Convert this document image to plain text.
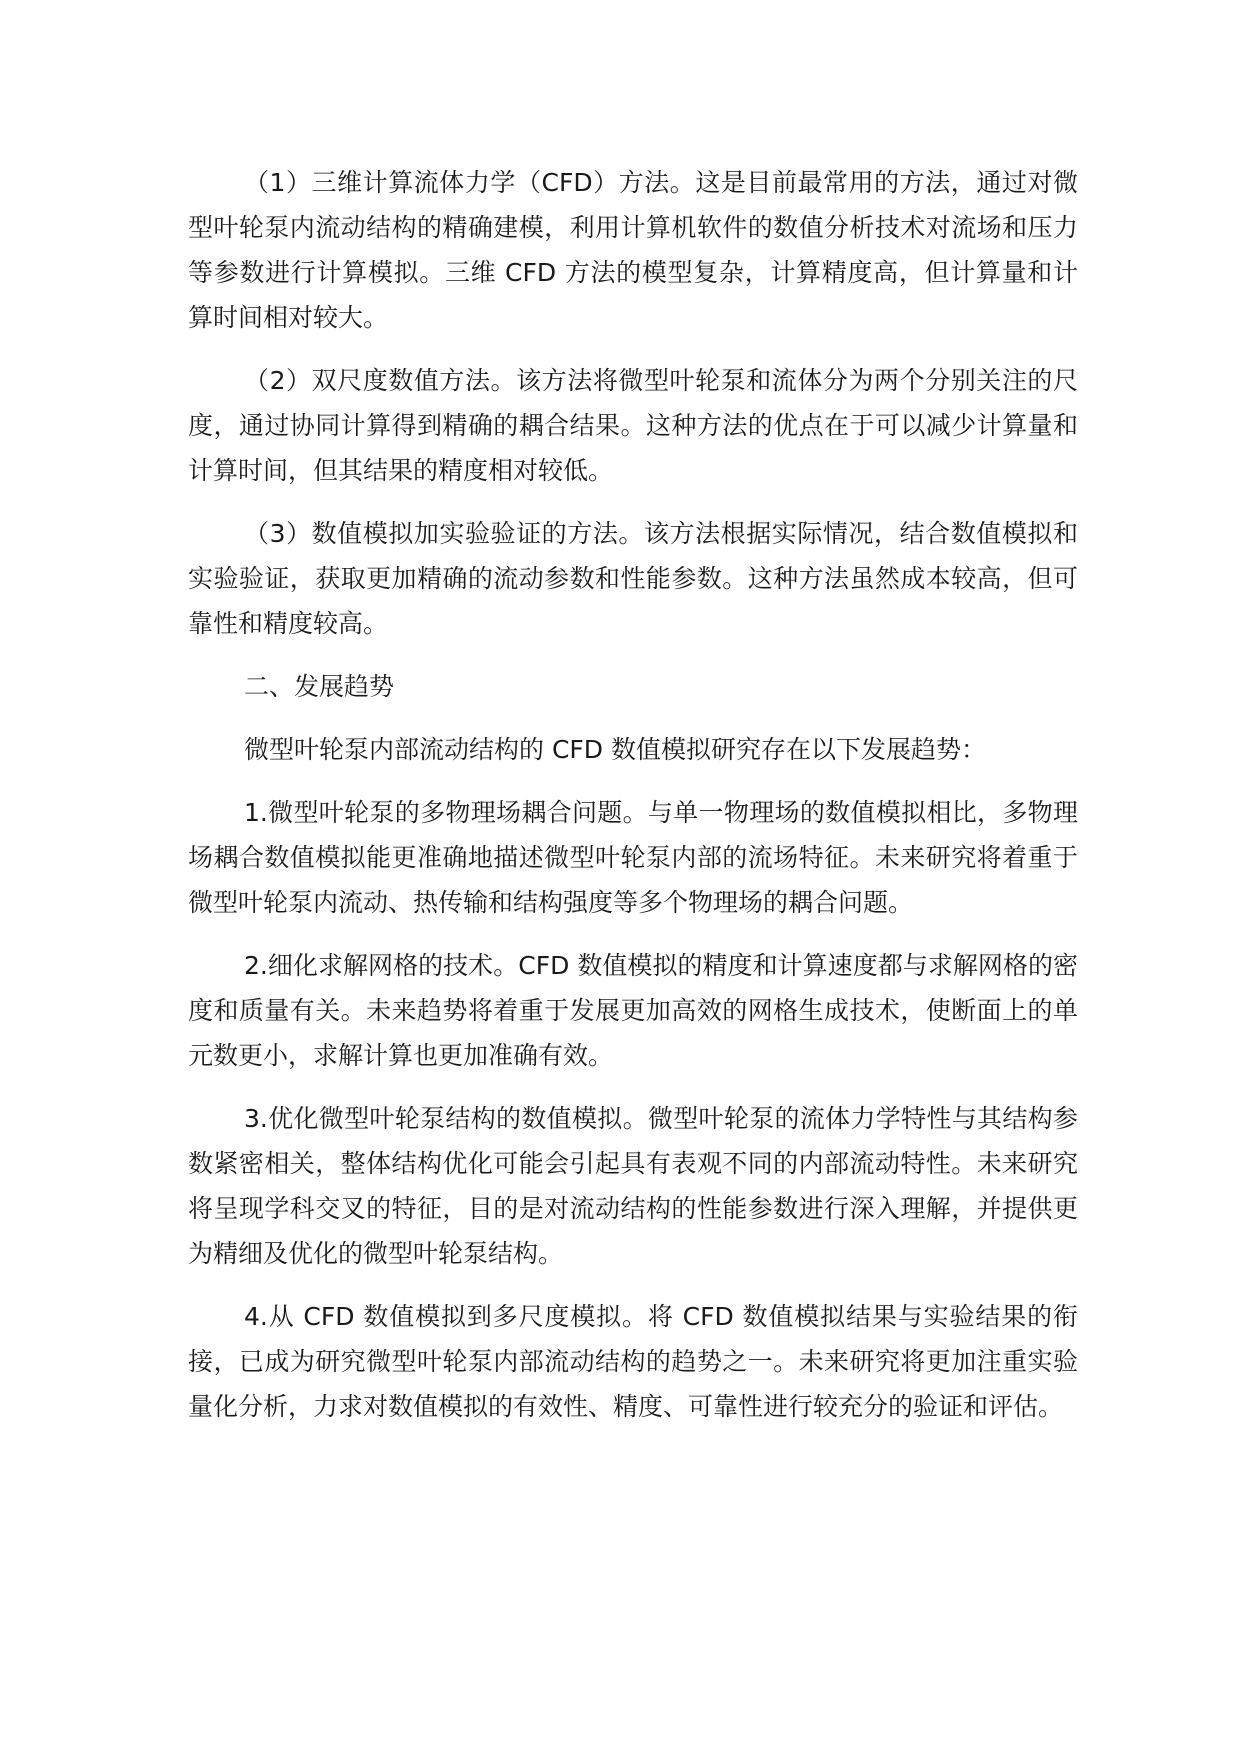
（1）三维计算流体力学（CFD）方法。这是目前最常用的方法，通过对微型叶轮泵内流动结构的精确建模，利用计算机软件的数值分析技术对流场和压力等参数进行计算模拟。三维 CFD 方法的模型复杂，计算精度高，但计算量和计算时间相对较大。

（2）双尺度数值方法。该方法将微型叶轮泵和流体分为两个分别关注的尺度，通过协同计算得到精确的耦合结果。这种方法的优点在于可以减少计算量和计算时间，但其结果的精度相对较低。

（3）数值模拟加实验验证的方法。该方法根据实际情况，结合数值模拟和实验验证，获取更加精确的流动参数和性能参数。这种方法虽然成本较高，但可靠性和精度较高。

二、发展趋势

微型叶轮泵内部流动结构的 CFD 数值模拟研究存在以下发展趋势：

1.微型叶轮泵的多物理场耦合问题。与单一物理场的数值模拟相比，多物理场耦合数值模拟能更准确地描述微型叶轮泵内部的流场特征。未来研究将着重于微型叶轮泵内流动、热传输和结构强度等多个物理场的耦合问题。

2.细化求解网格的技术。CFD 数值模拟的精度和计算速度都与求解网格的密度和质量有关。未来趋势将着重于发展更加高效的网格生成技术，使断面上的单元数更小，求解计算也更加准确有效。

3.优化微型叶轮泵结构的数值模拟。微型叶轮泵的流体力学特性与其结构参数紧密相关，整体结构优化可能会引起具有表观不同的内部流动特性。未来研究将呈现学科交叉的特征，目的是对流动结构的性能参数进行深入理解，并提供更为精细及优化的微型叶轮泵结构。

4.从 CFD 数值模拟到多尺度模拟。将 CFD 数值模拟结果与实验结果的衔接，已成为研究微型叶轮泵内部流动结构的趋势之一。未来研究将更加注重实验量化分析，力求对数值模拟的有效性、精度、可靠性进行较充分的验证和评估。
